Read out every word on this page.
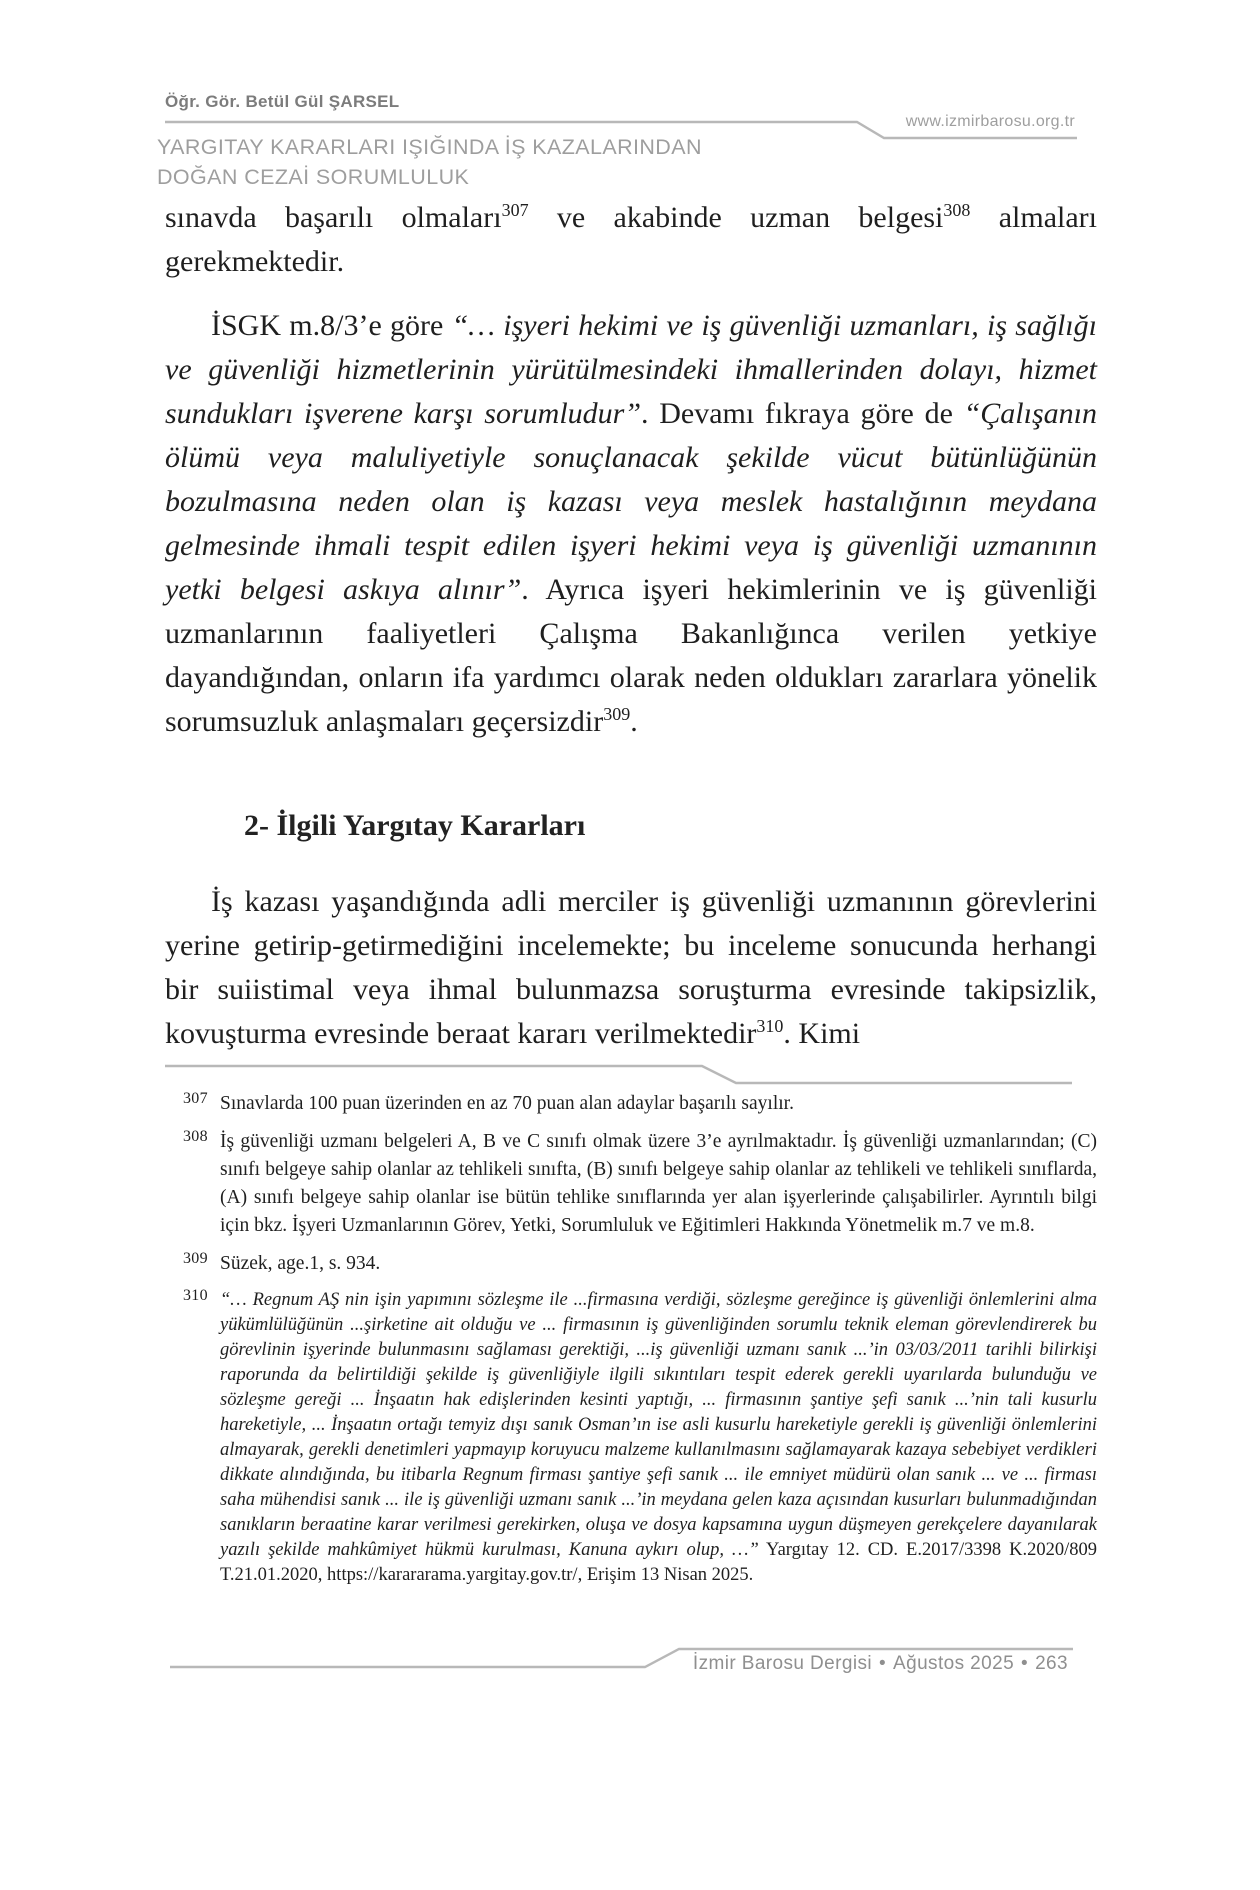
Öğr. Gör. Betül Gül ŞARSEL
www.izmirbarosu.org.tr
YARGITAY KARARLARI IŞIĞINDA İŞ KAZALARINDAN
DOĞAN CEZAİ SORUMLULUK

sınavda başarılı olmaları$^{307}$ ve akabinde uzman belgesi$^{308}$ almaları gerekmektedir.

İSGK m.8/3’e göre “… işyeri hekimi ve iş güvenliği uzmanları, iş sağlığı ve güvenliği hizmetlerinin yürütülmesindeki ihmallerinden dolayı, hizmet sundukları işverene karşı sorumludur”. Devamı fıkraya göre de “Çalışanın ölümü veya maluliyetiyle sonuçlanacak şekilde vücut bütünlüğünün bozulmasına neden olan iş kazası veya meslek hastalığının meydana gelmesinde ihmali tespit edilen işyeri hekimi veya iş güvenliği uzmanının yetki belgesi askıya alınır”. Ayrıca işyeri hekimlerinin ve iş güvenliği uzmanlarının faaliyetleri Çalışma Bakanlığınca verilen yetkiye dayandığından, onların ifa yardımcı olarak neden oldukları zararlara yönelik sorumsuzluk anlaşmaları geçersizdir$^{309}$.

2- İlgili Yargıtay Kararları

İş kazası yaşandığında adli merciler iş güvenliği uzmanının görevlerini yerine getirip-getirmediğini incelemekte; bu inceleme sonucunda herhangi bir suiistimal veya ihmal bulunmazsa soruşturma evresinde takipsizlik, kovuşturma evresinde beraat kararı verilmektedir$^{310}$. Kimi

307 Sınavlarda 100 puan üzerinden en az 70 puan alan adaylar başarılı sayılır.
308 İş güvenliği uzmanı belgeleri A, B ve C sınıfı olmak üzere 3’e ayrılmaktadır. İş güvenliği uzmanlarından; (C) sınıfı belgeye sahip olanlar az tehlikeli sınıfta, (B) sınıfı belgeye sahip olanlar az tehlikeli ve tehlikeli sınıflarda, (A) sınıfı belgeye sahip olanlar ise bütün tehlike sınıflarında yer alan işyerlerinde çalışabilirler. Ayrıntılı bilgi için bkz. İşyeri Uzmanlarının Görev, Yetki, Sorumluluk ve Eğitimleri Hakkında Yönetmelik m.7 ve m.8.
309 Süzek, age.1, s. 934.
310 “… Regnum AŞ nin işin yapımını sözleşme ile ...firmasına verdiği, sözleşme gereğince iş güvenliği önlemlerini alma yükümlülüğünün ...şirketine ait olduğu ve ... firmasının iş güvenliğinden sorumlu teknik eleman görevlendirerek bu görevlinin işyerinde bulunmasını sağlaması gerektiği, ...iş güvenliği uzmanı sanık ...’in 03/03/2011 tarihli bilirkişi raporunda da belirtildiği şekilde iş güvenliğiyle ilgili sıkıntıları tespit ederek gerekli uyarılarda bulunduğu ve sözleşme gereği ... İnşaatın hak edişlerinden kesinti yaptığı, ... firmasının şantiye şefi sanık ...’nin tali kusurlu hareketiyle, ... İnşaatın ortağı temyiz dışı sanık Osman’ın ise asli kusurlu hareketiyle gerekli iş güvenliği önlemlerini almayarak, gerekli denetimleri yapmayıp koruyucu malzeme kullanılmasını sağlamayarak kazaya sebebiyet verdikleri dikkate alındığında, bu itibarla Regnum firması şantiye şefi sanık ... ile emniyet müdürü olan sanık ... ve ... firması saha mühendisi sanık ... ile iş güvenliği uzmanı sanık ...’in meydana gelen kaza açısından kusurları bulunmadığından sanıkların beraatine karar verilmesi gerekirken, oluşa ve dosya kapsamına uygun düşmeyen gerekçelere dayanılarak yazılı şekilde mahkûmiyet hükmü kurulması, Kanuna aykırı olup, …” Yargıtay 12. CD. E.2017/3398 K.2020/809 T.21.01.2020, https://karararama.yargitay.gov.tr/, Erişim 13 Nisan 2025.
İzmir Barosu Dergisi • Ağustos 2025 • 263
